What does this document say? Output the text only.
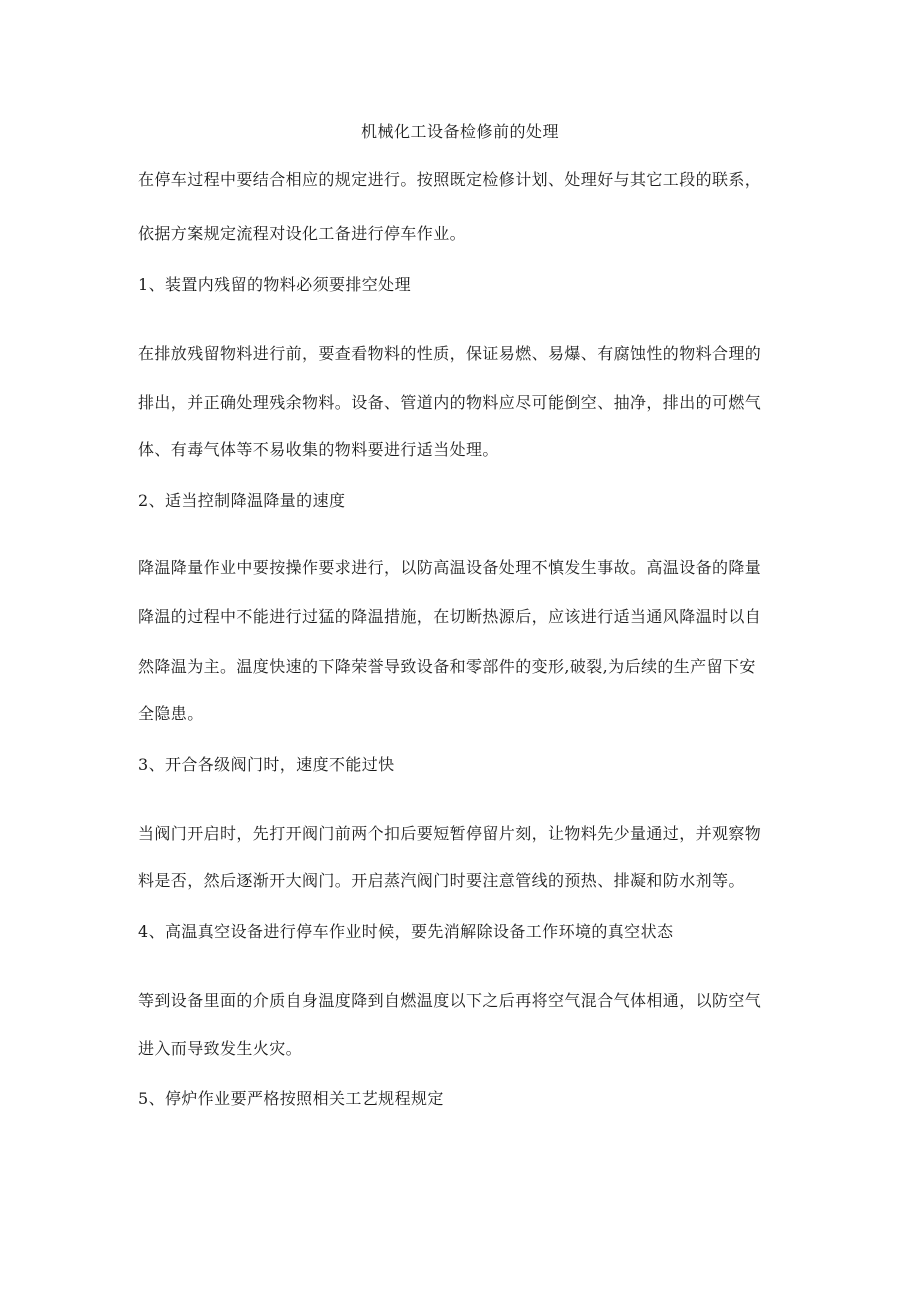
机械化工设备检修前的处理
在停车过程中要结合相应的规定进行。按照既定检修计划、处理好与其它工段的联系，
依据方案规定流程对设化工备进行停车作业。
1、装置内残留的物料必须要排空处理
在排放残留物料进行前，要查看物料的性质，保证易燃、易爆、有腐蚀性的物料合理的
排出，并正确处理残余物料。设备、管道内的物料应尽可能倒空、抽净，排出的可燃气
体、有毒气体等不易收集的物料要进行适当处理。
2、适当控制降温降量的速度
降温降量作业中要按操作要求进行，以防高温设备处理不慎发生事故。高温设备的降量
降温的过程中不能进行过猛的降温措施，在切断热源后，应该进行适当通风降温时以自
然降温为主。温度快速的下降荣誉导致设备和零部件的变形,破裂,为后续的生产留下安
全隐患。
3、开合各级阀门时，速度不能过快
当阀门开启时，先打开阀门前两个扣后要短暂停留片刻，让物料先少量通过，并观察物
料是否，然后逐渐开大阀门。开启蒸汽阀门时要注意管线的预热、排凝和防水剂等。
4、高温真空设备进行停车作业时候，要先消解除设备工作环境的真空状态
等到设备里面的介质自身温度降到自燃温度以下之后再将空气混合气体相通，以防空气
进入而导致发生火灾。
5、停炉作业要严格按照相关工艺规程规定
